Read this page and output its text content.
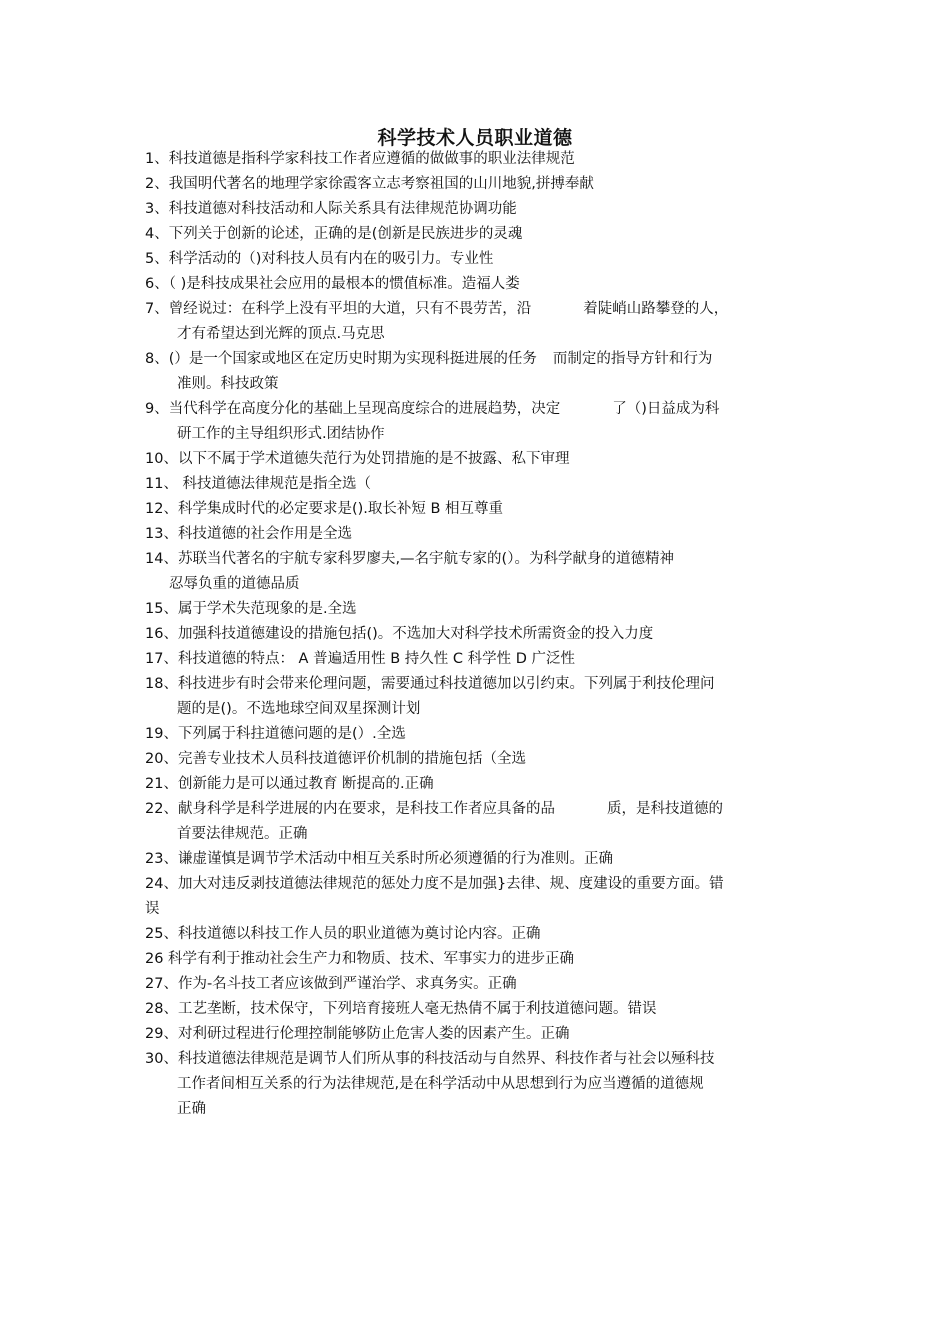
科学技术人员职业道德
1、科技道德是指科学家科技工作者应遵循的做做事的职业法律规范
2、我国明代著名的地理学家徐霞客立志考察祖国的山川地貌,拼搏奉献
3、科技道德对科技活动和人际关系具有法律规范协调功能
4、下列关于创新的论述，正确的是(创新是民族进步的灵魂
5、科学活动的（)对科技人员有内在的吸引力。专业性
6、（ )是科技成果社会应用的最根本的惯值标准。造福人娄
7、曾经说过：在科学上没有平坦的大道，只有不畏劳苦，沿	着陡峭山路攀登的人，
才有希望达到光辉的顶点.马克思
8、(）是一个国家或地区在定历史时期为实现科挺进展的任务 而制定的指导方针和行为
准则。科技政策
9、当代科学在高度分化的基础上呈现高度综合的进展趋势，决定	了（)日益成为科
研工作的主导组织形式.团结协作
10、以下不属于学术道德失范行为处罚措施的是不披露、私下审理
11、 科技道德法律规范是指全选（
12、科学集成时代的必定要求是().取长补短 B 相互尊重
13、科技道德的社会作用是全选
14、苏联当代著名的宇航专家科罗廖夫,—名宇航专家的(）。为科学献身的道德精神
忍辱负重的道德品质
15、属于学术失范现象的是.全选
16、加强科技道德建设的措施包括()。不选加大对科学技术所需资金的投入力度
17、科技道德的特点： A 普遍适用性 B 持久性 C 科学性 D 广泛性
18、科技进步有时会带来伦理问题，需要通过科技道德加以引约束。下列属于利技伦理问
题的是()。不选地球空间双星探测计划
19、下列属于科拄道德问题的是(）.全选
20、完善专业技术人员科技道德评价机制的措施包括（全选
21、创新能力是可以通过教育 断提高的.正确
22、献身科学是科学进展的内在要求，是科技工作者应具备的品	质，是科技道德的
首要法律规范。正确
23、谦虚谨慎是调节学术活动中相互关系时所必须遵循的行为准则。正确
24、加大对违反剥技道德法律规范的惩处力度不是加强}去律、规、度建设的重要方面。错
误
25、科技道德以科技工作人员的职业道德为奠讨论内容。正确
26 科学有利于推动社会生产力和物质、技术、军事实力的进步正确
27、作为-名斗技工者应该做到严谨治学、求真务实。正确
28、工艺垄断，技术保守，下列培育接班人毫无热倩不属于利技道德问题。错误
29、对利研过程进行伦理控制能够防止危害人娄的因素产生。正确
30、科技道德法律规范是调节人们所从事的科技活动与自然界、科技作者与社会以殛科技
工作者间相互关系的行为法律规范,是在科学活动中从思想到行为应当遵循的道德规
正确
